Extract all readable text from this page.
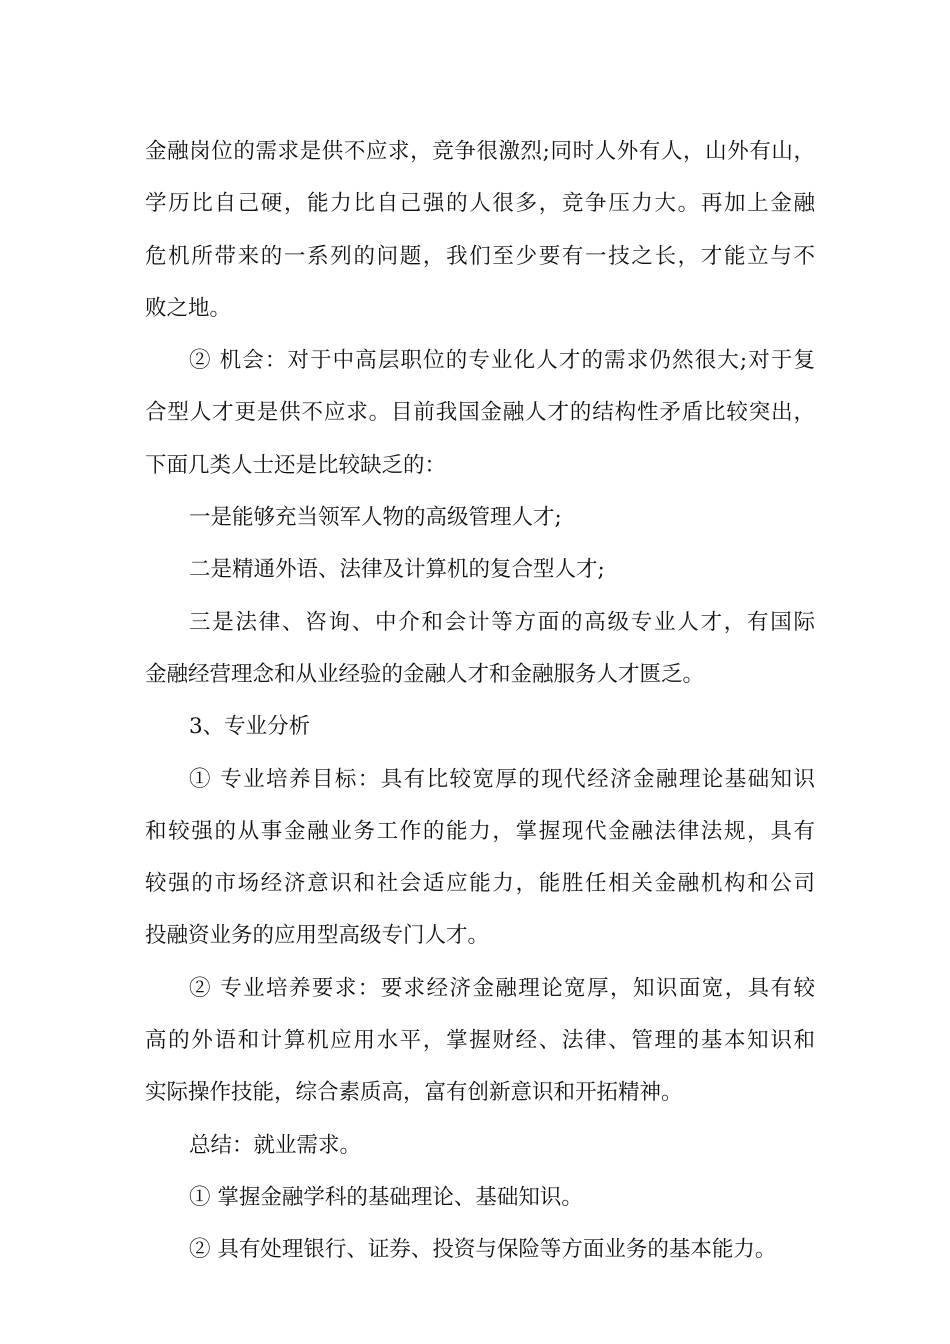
金融岗位的需求是供不应求，竞争很激烈;同时人外有人，山外有山，
学历比自己硬，能力比自己强的人很多，竞争压力大。再加上金融
危机所带来的一系列的问题，我们至少要有一技之长，才能立与不
败之地。
② 机会：对于中高层职位的专业化人才的需求仍然很大;对于复
合型人才更是供不应求。目前我国金融人才的结构性矛盾比较突出，
下面几类人士还是比较缺乏的：
一是能够充当领军人物的高级管理人才;
二是精通外语、法律及计算机的复合型人才;
三是法律、咨询、中介和会计等方面的高级专业人才，有国际
金融经营理念和从业经验的金融人才和金融服务人才匮乏。
3、专业分析
① 专业培养目标：具有比较宽厚的现代经济金融理论基础知识
和较强的从事金融业务工作的能力，掌握现代金融法律法规，具有
较强的市场经济意识和社会适应能力，能胜任相关金融机构和公司
投融资业务的应用型高级专门人才。
② 专业培养要求：要求经济金融理论宽厚，知识面宽，具有较
高的外语和计算机应用水平，掌握财经、法律、管理的基本知识和
实际操作技能，综合素质高，富有创新意识和开拓精神。
总结：就业需求。
① 掌握金融学科的基础理论、基础知识。
② 具有处理银行、证券、投资与保险等方面业务的基本能力。
